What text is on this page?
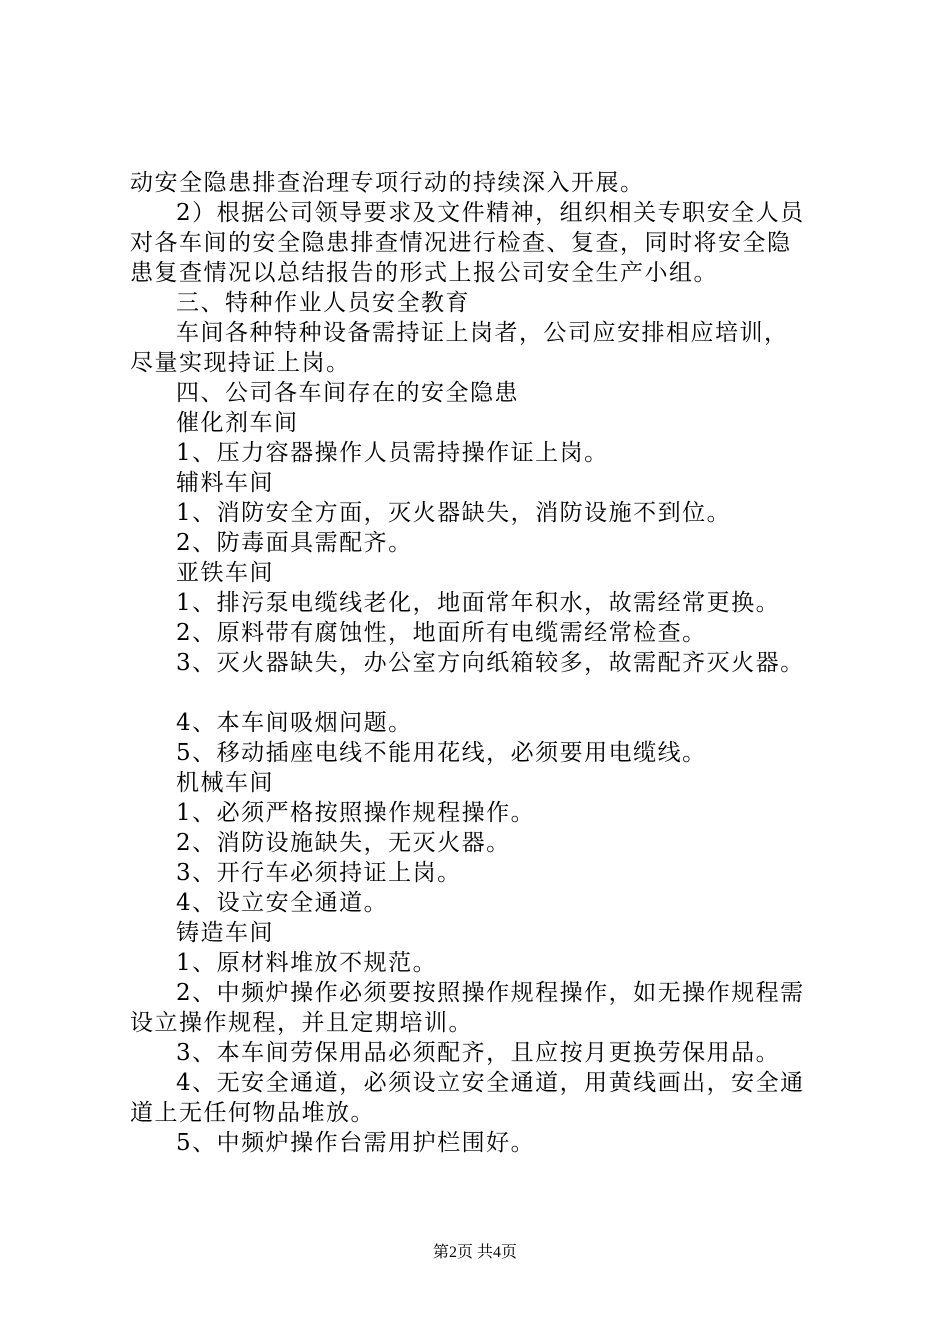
动安全隐患排查治理专项行动的持续深入开展。
2）根据公司领导要求及文件精神，组织相关专职安全人员
对各车间的安全隐患排查情况进行检查、复查，同时将安全隐
患复查情况以总结报告的形式上报公司安全生产小组。
三、特种作业人员安全教育
车间各种特种设备需持证上岗者，公司应安排相应培训，
尽量实现持证上岗。
四、公司各车间存在的安全隐患
催化剂车间
1、压力容器操作人员需持操作证上岗。
辅料车间
1、消防安全方面，灭火器缺失，消防设施不到位。
2、防毒面具需配齐。
亚铁车间
1、排污泵电缆线老化，地面常年积水，故需经常更换。
2、原料带有腐蚀性，地面所有电缆需经常检查。
3、灭火器缺失，办公室方向纸箱较多，故需配齐灭火器。
4、本车间吸烟问题。
5、移动插座电线不能用花线，必须要用电缆线。
机械车间
1、必须严格按照操作规程操作。
2、消防设施缺失，无灭火器。
3、开行车必须持证上岗。
4、设立安全通道。
铸造车间
1、原材料堆放不规范。
2、中频炉操作必须要按照操作规程操作，如无操作规程需
设立操作规程，并且定期培训。
3、本车间劳保用品必须配齐，且应按月更换劳保用品。
4、无安全通道，必须设立安全通道，用黄线画出，安全通
道上无任何物品堆放。
5、中频炉操作台需用护栏围好。
第2页 共4页
